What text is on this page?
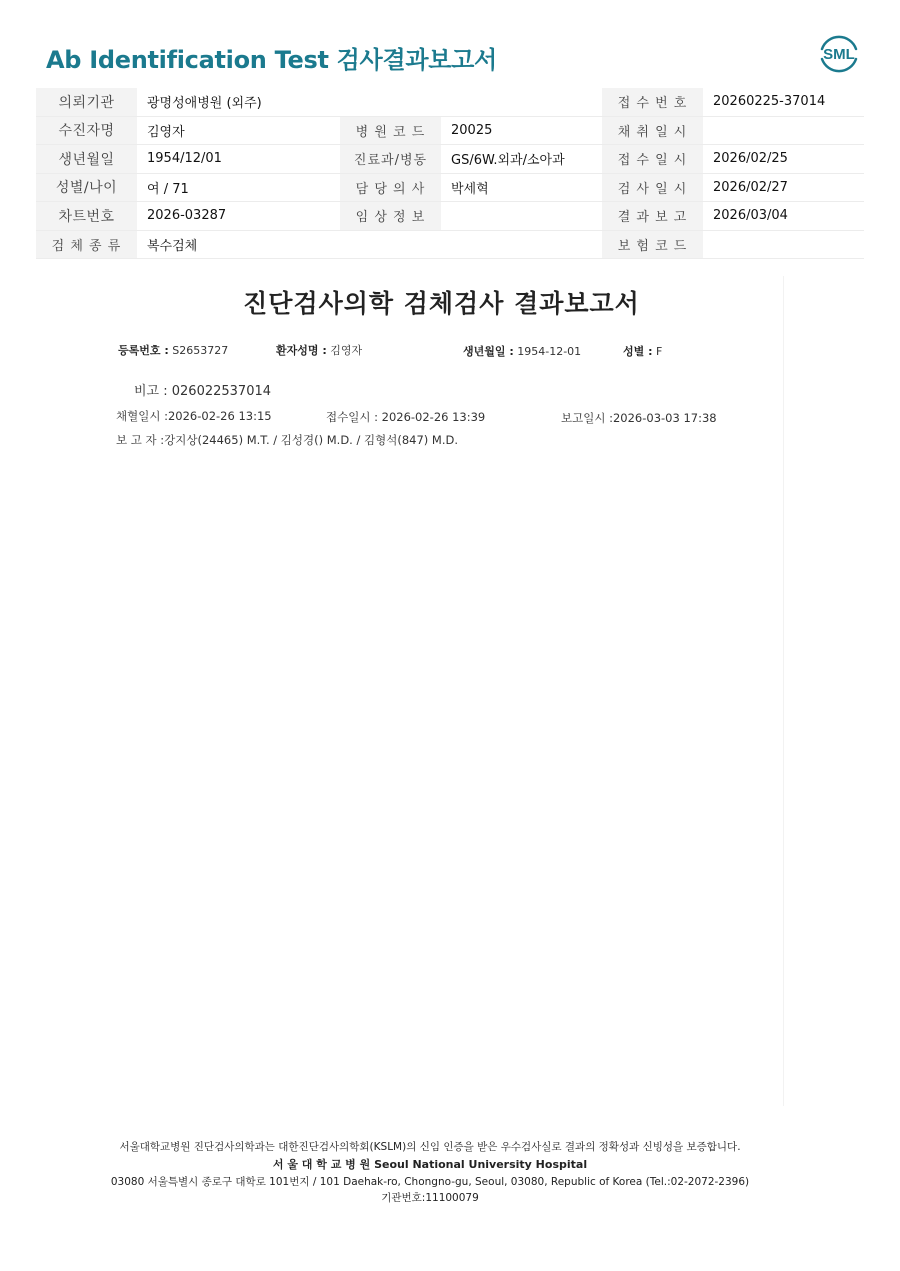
Ab Identification Test 검사결과보고서	SML
의뢰기관	광명성애병원 (외주)			접 수 번 호	20260225-37014
수진자명	김영자	병 원 코 드	20025	채 취 일 시	
생년월일	1954/12/01	진료과/병동	GS/6W.외과/소아과	접 수 일 시	2026/02/25
성별/나이	여 / 71	담 당 의 사	박세혁	검 사 일 시	2026/02/27
차트번호	2026-03287	임 상 정 보		결 과 보 고	2026/03/04
검 체 종 류	복수검체			보 험 코 드	
진단검사의학 검체검사 결과보고서
등록번호 : S2653727	환자성명 : 김영자	생년월일 : 1954-12-01	성별 : F
비고 : 026022537014
채혈일시 :2026-02-26 13:15	접수일시 : 2026-02-26 13:39	보고일시 :2026-03-03 17:38
보 고 자 :강지상(24465) M.T. / 김성경() M.D. / 김형석(847) M.D.
서울대학교병원 진단검사의학과는 대한진단검사의학회(KSLM)의 신임 인증을 받은 우수검사실로 결과의 정확성과 신빙성을 보증합니다.
서 울 대 학 교 병 원 Seoul National University Hospital
03080 서울특별시 종로구 대학로 101번지 / 101 Daehak-ro, Chongno-gu, Seoul, 03080, Republic of Korea (Tel.:02-2072-2396)
기관번호:11100079
